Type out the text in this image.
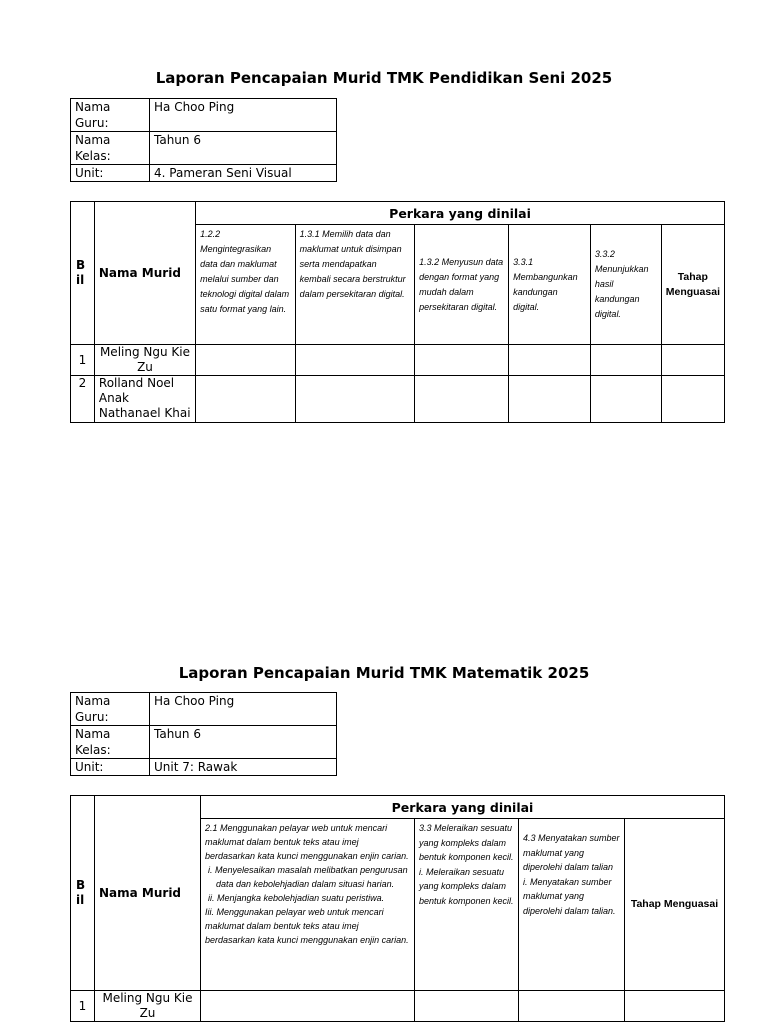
Laporan Pencapaian Murid TMK Pendidikan Seni 2025
Nama Guru:	Ha Choo Ping
Nama Kelas:	Tahun 6
Unit:	4. Pameran Seni Visual
B il	Nama Murid	Perkara yang dinilai					
		1.2.2 Mengintegrasikan data dan maklumat melalui sumber dan teknologi digital dalam satu format yang lain.	1.3.1 Memilih data dan maklumat untuk disimpan serta mendapatkan kembali secara berstruktur dalam persekitaran digital.	1.3.2 Menyusun data dengan format yang mudah dalam persekitaran digital.	3.3.1 Membangunkan kandungan digital.	3.3.2 Menunjukkan hasil kandungan digital.	Tahap Menguasai
1	Meling Ngu Kie Zu						
2	Rolland Noel Anak Nathanael Khai						
Laporan Pencapaian Murid TMK Matematik 2025
Nama Guru:	Ha Choo Ping
Nama Kelas:	Tahun 6
Unit:	Unit 7: Rawak
B il	Nama Murid	Perkara yang dinilai			

		2.1 Menggunakan pelayar web untuk mencari maklumat dalam bentuk teks atau imej berdasarkan kata kunci menggunakan enjin carian.
i. Menyelesaikan masalah melibatkan pengurusan data dan kebolehjadian dalam situasi harian.
ii. Menjangka kebolehjadian suatu peristiwa.
Iii. Menggunakan pelayar web untuk mencari maklumat dalam bentuk teks atau imej berdasarkan kata kunci menggunakan enjin carian.	3.3 Meleraikan sesuatu yang kompleks dalam bentuk komponen kecil.
i. Meleraikan sesuatu yang kompleks dalam bentuk komponen kecil.	4.3 Menyatakan sumber maklumat yang diperolehi dalam talian
i. Menyatakan sumber maklumat yang diperolehi dalam talian.	Tahap Menguasai
1	Meling Ngu Kie Zu				
